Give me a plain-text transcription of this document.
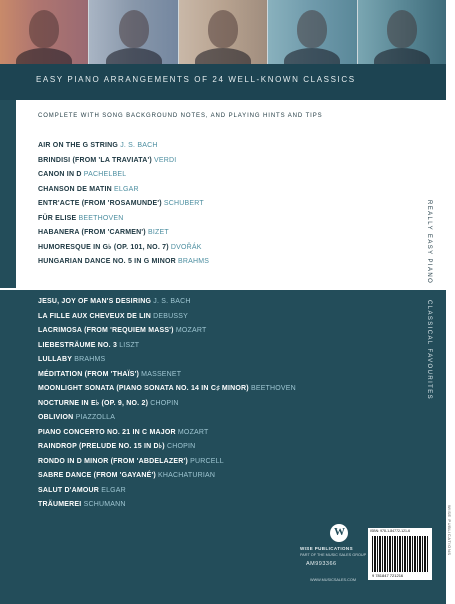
EASY PIANO ARRANGEMENTS OF 24 WELL-KNOWN CLASSICS
COMPLETE WITH SONG BACKGROUND NOTES, AND PLAYING HINTS AND TIPS
AIR ON THE G STRING J. S. BACH
BRINDISI (FROM 'LA TRAVIATA') VERDI
CANON IN D PACHELBEL
CHANSON DE MATIN ELGAR
ENTR'ACTE (FROM 'ROSAMUNDE') SCHUBERT
FÜR ELISE BEETHOVEN
HABANERA (FROM 'CARMEN') BIZET
HUMORESQUE IN G♭ (OP. 101, NO. 7) DVOŘÁK
HUNGARIAN DANCE NO. 5 IN G MINOR BRAHMS
JESU, JOY OF MAN'S DESIRING J. S. BACH
LA FILLE AUX CHEVEUX DE LIN DEBUSSY
LACRIMOSA (FROM 'REQUIEM MASS') MOZART
LIEBESTRÄUME NO. 3 LISZT
LULLABY BRAHMS
MÉDITATION (FROM 'THAÏS') MASSENET
MOONLIGHT SONATA (PIANO SONATA NO. 14 IN C♯ MINOR) BEETHOVEN
NOCTURNE IN E♭ (OP. 9, NO. 2) CHOPIN
OBLIVION PIAZZOLLA
PIANO CONCERTO NO. 21 IN C MAJOR MOZART
RAINDROP (PRELUDE NO. 15 IN D♭) CHOPIN
RONDO IN D MINOR (FROM 'ABDELAZER') PURCELL
SABRE DANCE (FROM 'GAYANÉ') KHACHATURIAN
SALUT D'AMOUR ELGAR
TRÄUMEREI SCHUMANN
REALLY EASY PIANO
CLASSICAL FAVOURITES
W
WISE PUBLICATIONS
PART OF THE MUSIC SALES GROUP
AM993366
WWW.MUSICSALES.COM
ISBN: 978-1-84772-121-6
9 781847 721216
WISE PUBLICATIONS
